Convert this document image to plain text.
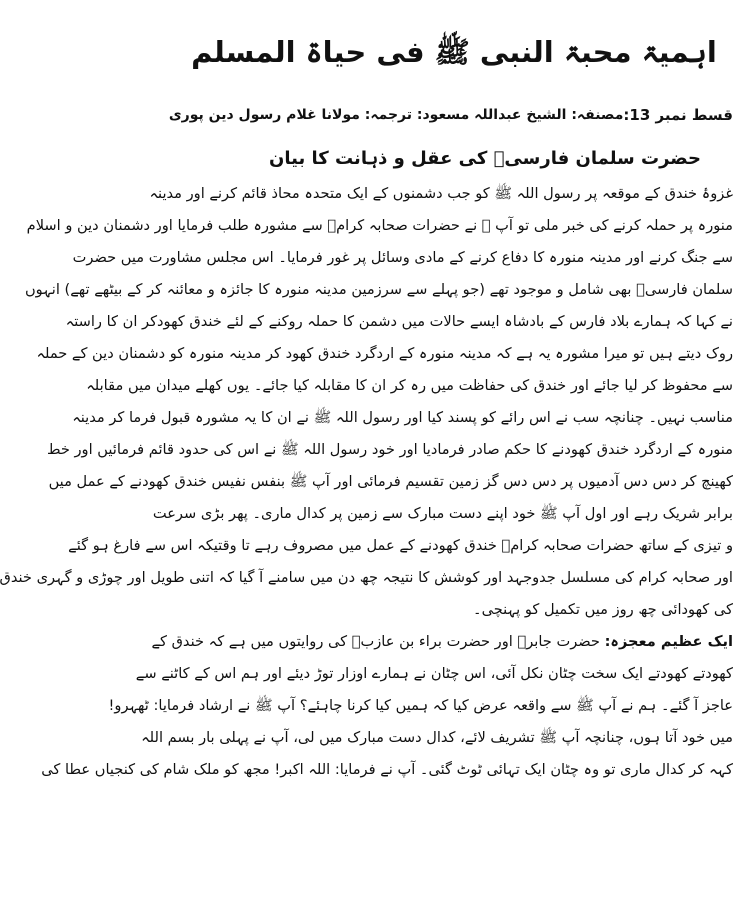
اہمیۃ محبۃ النبی ﷺ فی حیاۃ المسلم
قسط نمبر 13:
مصنفہ: الشیخ عبداللہ مسعود: ترجمہ: مولانا غلام رسول دین پوری
حضرت سلمان فارسیؓ کی عقل و ذہانت کا بیان
غزوۂ خندق کے موقعہ پر رسول اللہ ﷺ کو جب دشمنوں کے ایک متحدہ محاذ قائم کرنے اور مدینہ
منورہ پر حملہ کرنے کی خبر ملی تو آپ ﷺ نے حضرات صحابہ کرامؓ سے مشورہ طلب فرمایا اور دشمنان دین و اسلام
سے جنگ کرنے اور مدینہ منورہ کا دفاع کرنے کے مادی وسائل پر غور فرمایا۔ اس مجلس مشاورت میں حضرت
سلمان فارسیؓ بھی شامل و موجود تھے (جو پہلے سے سرزمین مدینہ منورہ کا جائزہ و معائنہ کر کے بیٹھے تھے) انہوں
نے کہا کہ ہمارے بلاد فارس کے بادشاہ ایسے حالات میں دشمن کا حملہ روکنے کے لئے خندق کھودکر ان کا راستہ
روک دیتے ہیں تو میرا مشورہ یہ ہے کہ مدینہ منورہ کے اردگرد خندق کھود کر مدینہ منورہ کو دشمنان دین کے حملہ
سے محفوظ کر لیا جائے اور خندق کی حفاظت میں رہ کر ان کا مقابلہ کیا جائے۔ یوں کھلے میدان میں مقابلہ
مناسب نہیں۔ چنانچہ سب نے اس رائے کو پسند کیا اور رسول اللہ ﷺ نے ان کا یہ مشورہ قبول فرما کر مدینہ
منورہ کے اردگرد خندق کھودنے کا حکم صادر فرمادیا اور خود رسول اللہ ﷺ نے اس کی حدود قائم فرمائیں اور خط
کھینچ کر دس دس آدمیوں پر دس دس گز زمین تقسیم فرمائی اور آپ ﷺ بنفس نفیس خندق کھودنے کے عمل میں
برابر شریک رہے اور اول آپ ﷺ خود اپنے دست مبارک سے زمین پر کدال ماری۔ پھر بڑی سرعت
و تیزی کے ساتھ حضرات صحابہ کرامؓ خندق کھودنے کے عمل میں مصروف رہے تا وقتیکہ اس سے فارغ ہو گئے
اور صحابہ کرام کی مسلسل جدوجہد اور کوشش کا نتیجہ چھ دن میں سامنے آ گیا کہ اتنی طویل اور چوڑی و گہری خندق
کی کھودائی چھ روز میں تکمیل کو پہنچی۔
ایک عظیم معجزہ: حضرت جابرؓ اور حضرت براء بن عازبؓ کی روایتوں میں ہے کہ خندق کے
کھودتے کھودتے ایک سخت چٹان نکل آئی، اس چٹان نے ہمارے اوزار توڑ دیئے اور ہم اس کے کاٹنے سے
عاجز آ گئے۔ ہم نے آپ ﷺ سے واقعہ عرض کیا کہ ہمیں کیا کرنا چاہئے؟ آپ ﷺ نے ارشاد فرمایا: ٹھہرو!
میں خود آتا ہوں، چنانچہ آپ ﷺ تشریف لائے، کدال دست مبارک میں لی، آپ نے پہلی بار بسم اللہ
کہہ کر کدال ماری تو وہ چٹان ایک تہائی ٹوٹ گئی۔ آپ نے فرمایا: اللہ اکبر! مجھ کو ملک شام کی کنجیاں عطا کی
